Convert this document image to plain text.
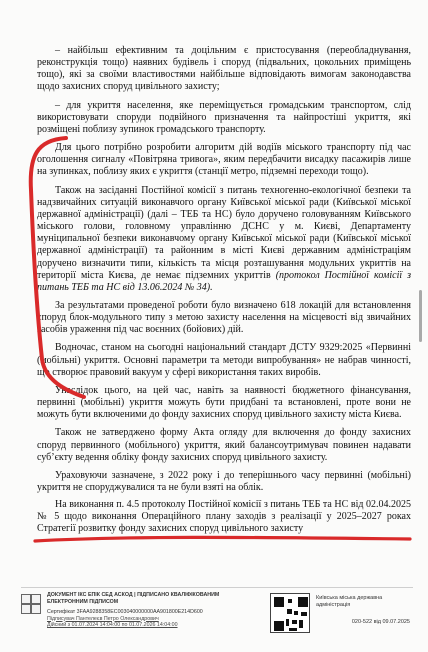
– найбільш ефективним та доцільним є пристосування (переобладнування, реконструкція тощо) наявних будівель і споруд (підвальних, цокольних приміщень тощо), які за своїми властивостями найбільше відповідають вимогам законодавства щодо захисних споруд цивільного захисту;

– для укриття населення, яке переміщується громадським транспортом, слід використовувати споруди подвійного призначення та найпростіші укриття, які розміщені поблизу зупинок громадського транспорту.

Для цього потрібно розробити алгоритм дій водіїв міського транспорту під час оголошення сигналу «Повітряна тривога», яким передбачити висадку пасажирів лише на зупинках, поблизу яких є укриття (станції метро, підземні переходи тощо).

Також на засіданні Постійної комісії з питань техногенно-екологічної безпеки та надзвичайних ситуацій виконавчого органу Київської міської ради (Київської міської державної адміністрації) (далі – ТЕБ та НС) було доручено головуванням Київського міського голови, головному управлінню ДСНС у м. Києві, Департаменту муніципальної безпеки виконавчому органу Київської міської ради (Київської міської державної адміністрації) та районним в місті Києві державним адміністраціям доручено визначити типи, кількість та місця розташування модульних укриттів на території міста Києва, де немає підземних укриттів (протокол Постійної комісії з питань ТЕБ та НС від 13.06.2024 № 34).

За результатами проведеної роботи було визначено 618 локацій для встановлення споруд блок-модульного типу з метою захисту населення на місцевості від звичайних засобів ураження під час воєнних (бойових) дій.

Водночас, станом на сьогодні національний стандарт ДСТУ 9329:2025 «Первинні (мобільні) укриття. Основні параметри та методи випробування» не набрав чинності, що створює правовий вакуум у сфері використання таких виробів.

Унаслідок цього, на цей час, навіть за наявності бюджетного фінансування, первинні (мобільні) укриття можуть бути придбані та встановлені, проте вони не можуть бути включеними до фонду захисних споруд цивільного захисту міста Києва.

Також не затверджено форму Акта огляду для включення до фонду захисних споруд первинного (мобільного) укриття, який балансоутримувач повинен надавати суб’єкту ведення обліку фонду захисних споруд цивільного захисту.

Ураховуючи зазначене, з 2022 року і до теперішнього часу первинні (мобільні) укриття не споруджувалися та не були взяті на облік.

На виконання п. 4.5 протоколу Постійної комісії з питань ТЕБ та НС від 02.04.2025 № 5 щодо виконання Операційного плану заходів з реалізації у 2025–2027 роках Стратегії розвитку фонду захисних споруд цивільного захисту

ДОКУМЕНТ ІКС ЕПІК СЕД АСКОД | ПІДПИСАНО КВАЛІФІКОВАНИМ ЕЛЕКТРОННИМ ПІДПИСОМ
Сертифікат 3FAA9288358EC003040000000AA901800E214D600
Підписувач Пантелеєв Петро Олександрович
Дійсний з 01.07.2024 14:04:00 по 01.07.2026 14:04:00
Київська міська державна адміністрація
020-522 від 09.07.2025
